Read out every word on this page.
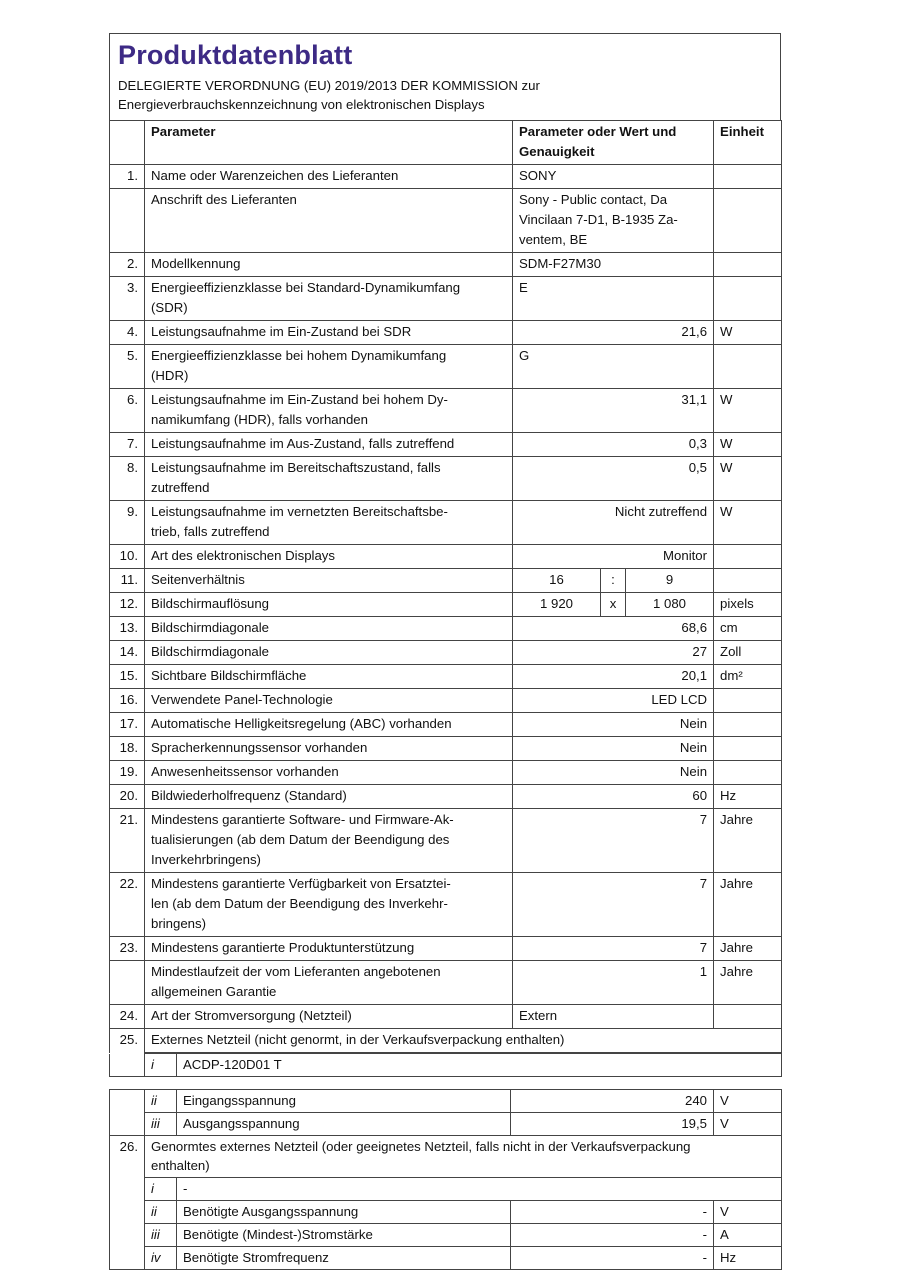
Produktdatenblatt
DELEGIERTE VERORDNUNG (EU) 2019/2013 DER KOMMISSION zur
Energieverbrauchskennzeichnung von elektronischen Displays
	Parameter	Parameter oder Wert und
Genauigkeit			Einheit
1.	Name oder Warenzeichen des Lieferanten	SONY			
	Anschrift des Lieferanten	Sony - Public contact, Da
Vincilaan 7-D1, B-1935 Za-
ventem, BE			

2.	Modellkennung	SDM-F27M30			
3.	Energieeffizienzklasse bei Standard-Dynamikumfang
(SDR)	E			
4.	Leistungsaufnahme im Ein-Zustand bei SDR	21,6			W
5.	Energieeffizienzklasse bei hohem Dynamikumfang
(HDR)	G			
6.	Leistungsaufnahme im Ein-Zustand bei hohem Dy-
namikumfang (HDR), falls vorhanden	31,1			W
7.	Leistungsaufnahme im Aus-Zustand, falls zutreffend	0,3			W
8.	Leistungsaufnahme im Bereitschaftszustand, falls
zutreffend	0,5			W
9.	Leistungsaufnahme im vernetzten Bereitschaftsbe-
trieb, falls zutreffend	Nicht zutreffend			W
10.	Art des elektronischen Displays	Monitor			
11.	Seitenverhältnis	16	:	9	
12.	Bildschirmauflösung	1 920	x	1 080	pixels
13.	Bildschirmdiagonale	68,6			cm
14.	Bildschirmdiagonale	27			Zoll
15.	Sichtbare Bildschirmfläche	20,1			dm²
16.	Verwendete Panel-Technologie	LED LCD			
17.	Automatische Helligkeitsregelung (ABC) vorhanden	Nein			
18.	Spracherkennungssensor vorhanden	Nein			
19.	Anwesenheitssensor vorhanden	Nein			
20.	Bildwiederholfrequenz (Standard)	60			Hz
21.	Mindestens garantierte Software- und Firmware-Ak-
tualisierungen (ab dem Datum der Beendigung des
Inverkehrbringens)	7			Jahre
22.	Mindestens garantierte Verfügbarkeit von Ersatztei-
len (ab dem Datum der Beendigung des Inverkehr-
bringens)	7			Jahre
23.	Mindestens garantierte Produktunterstützung	7			Jahre

	Mindestlaufzeit der vom Lieferanten angebotenen
allgemeinen Garantie	1			Jahre
24.	Art der Stromversorgung (Netzteil)	Extern			
25.	Externes Netzteil (nicht genormt, in der Verkaufsverpackung enthalten)				
	i	ACDP-120D01 T
	ii	Eingangsspannung	240	V
	iii	Ausgangsspannung	19,5	V
26.	Genormtes externes Netzteil (oder geeignetes Netzteil, falls nicht in der Verkaufsverpackung
enthalten)			

	i	-		
	ii	Benötigte Ausgangsspannung	-	V
	iii	Benötigte (Mindest-)Stromstärke	-	A
	iv	Benötigte Stromfrequenz	-	Hz
